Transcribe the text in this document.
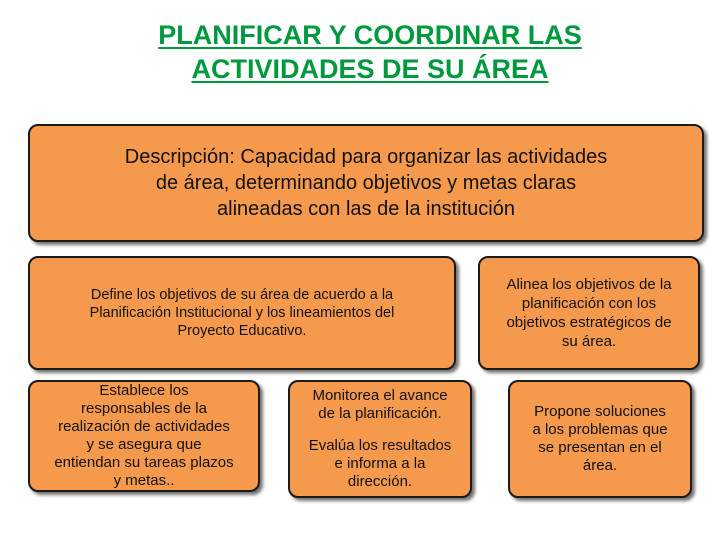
PLANIFICAR Y COORDINAR LAS
ACTIVIDADES DE SU ÁREA
Descripción: Capacidad para organizar las actividades
de área, determinando objetivos y metas claras
alineadas con las de la institución
Define los objetivos de su área de acuerdo a la
Planificación Institucional y los lineamientos del
Proyecto Educativo.
Alinea los objetivos de la
planificación con los
objetivos estratégicos de
su área.
Establece los
responsables de la
realización de actividades
y se asegura que
entiendan su tareas plazos
y metas..
Monitorea el avance
de la planificación.
Evalúa los resultados
e informa a la
dirección.
Propone soluciones
a los problemas que
se presentan en el
área.
